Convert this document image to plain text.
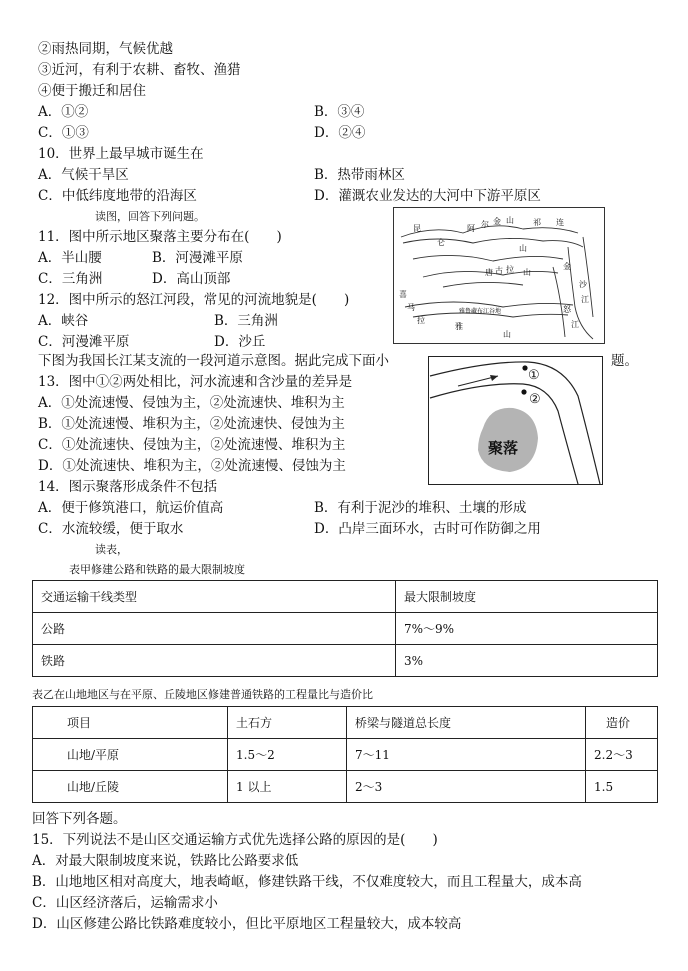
②雨热同期，气候优越
③近河，有利于农耕、畜牧、渔猎
④便于搬迁和居住
A．①②	B．③④
C．①③	D．②④
10．世界上最早城市诞生在
A．气候干旱区	B．热带雨林区
C．中低纬度地带的沿海区	D．灌溉农业发达的大河中下游平原区
读图，回答下列问题。
11．图中所示地区聚落主要分布在(　　)
A．半山腰	B．河漫滩平原
C．三角洲	D．高山顶部
12．图中所示的怒江河段，常见的河流地貌是(　　)
A．峡谷	B．三角洲
C．河漫滩平原	D．沙丘
昆
仑
阿 尔 金 山 祁 连
山
唐 古 拉 山
金
沙
江
怒
江
喜
马
拉
雅
山
雅鲁藏布江谷地
下图为我国长江某支流的一段河道示意图。据此完成下面小	题。
①
②
聚落
13．图中①②两处相比，河水流速和含沙量的差异是
A．①处流速慢、侵蚀为主，②处流速快、堆积为主
B．①处流速慢、堆积为主，②处流速快、侵蚀为主
C．①处流速快、侵蚀为主，②处流速慢、堆积为主
D．①处流速快、堆积为主，②处流速慢、侵蚀为主
14．图示聚落形成条件不包括
A．便于修筑港口，航运价值高	B．有利于泥沙的堆积、土壤的形成
C．水流较缓，便于取水	D．凸岸三面环水，古时可作防御之用
读表，
表甲修建公路和铁路的最大限制坡度
交通运输干线类型	最大限制坡度
公路	7%～9%
铁路	3%
表乙在山地地区与在平原、丘陵地区修建普通铁路的工程量比与造价比
项目	土石方	桥梁与隧道总长度	造价
山地/平原	1.5～2	7～11	2.2～3
山地/丘陵	1 以上	2～3	1.5
回答下列各题。
15．下列说法不是山区交通运输方式优先选择公路的原因的是(　　)
A．对最大限制坡度来说，铁路比公路要求低
B．山地地区相对高度大，地表崎岖，修建铁路干线，不仅难度较大，而且工程量大，成本高
C．山区经济落后，运输需求小
D．山区修建公路比铁路难度较小，但比平原地区工程量较大，成本较高
